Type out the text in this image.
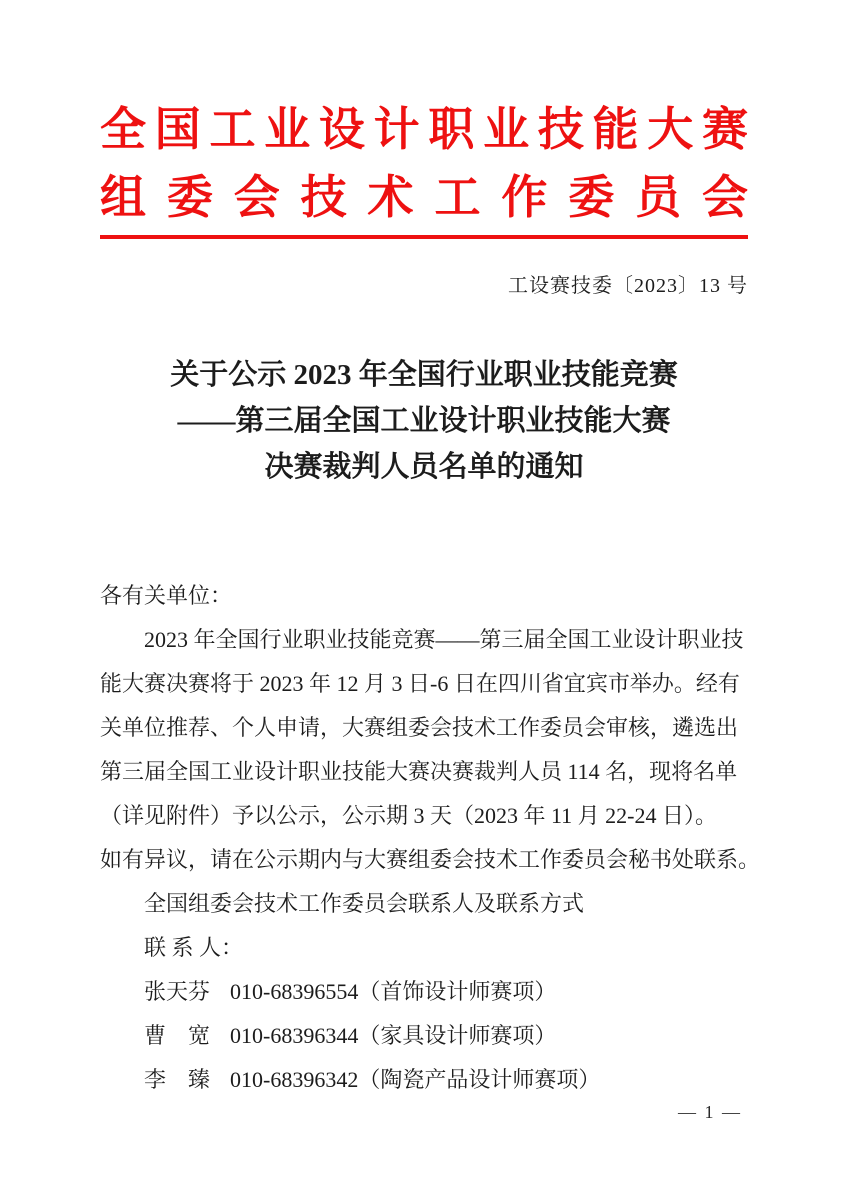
全国工业设计职业技能大赛
组委会技术工作委员会
工设赛技委〔2023〕13 号
关于公示 2023 年全国行业职业技能竞赛
——第三届全国工业设计职业技能大赛
决赛裁判人员名单的通知
各有关单位：
2023 年全国行业职业技能竞赛——第三届全国工业设计职业技
能大赛决赛将于 2023 年 12 月 3 日-6 日在四川省宜宾市举办。经有
关单位推荐、个人申请，大赛组委会技术工作委员会审核，遴选出
第三届全国工业设计职业技能大赛决赛裁判人员 114 名，现将名单
（详见附件）予以公示，公示期 3 天（2023 年 11 月 22-24 日）。
如有异议，请在公示期内与大赛组委会技术工作委员会秘书处联系。
全国组委会技术工作委员会联系人及联系方式
联 系 人：
张天芬 010-68396554（首饰设计师赛项）
曹　宽 010-68396344（家具设计师赛项）
李　臻 010-68396342（陶瓷产品设计师赛项）
— 1 —
